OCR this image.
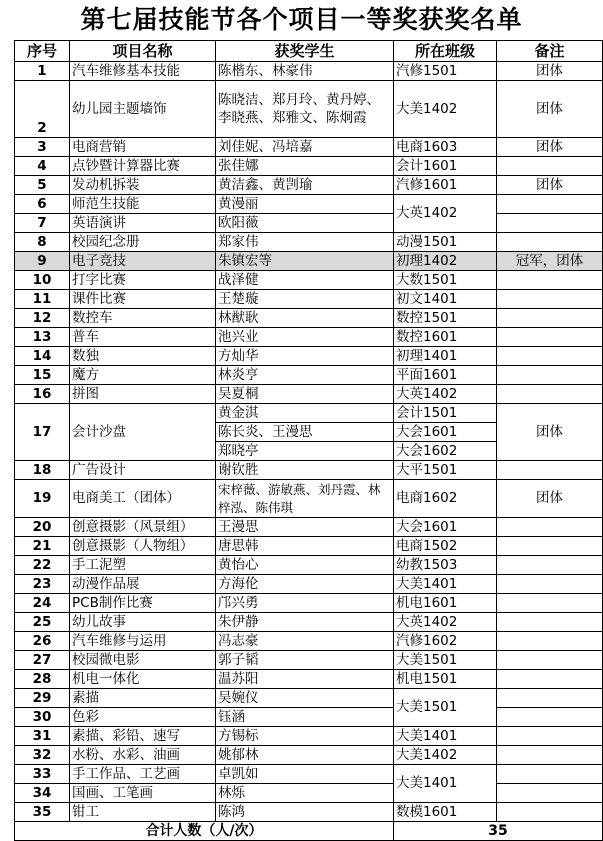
第七届技能节各个项目一等奖获奖名单
序号	项目名称	获奖学生	所在班级	备注
1	汽车维修基本技能	陈楷东、林豪伟	汽修1501	团体
2	幼儿园主题墙饰	陈晓洁、郑月玲、黄丹婷、李晓燕、郑雅文、陈炯霞	大美1402	团体
3	电商营销	刘佳妮、冯培嘉	电商1603	团体
4	点钞暨计算器比赛	张佳娜	会计1601	
5	发动机拆装	黄洁鑫、黄剀瑜	汽修1601	团体
6	师范生技能	黄漫丽	大英1402	
7	英语演讲	欧阳薇		
8	校园纪念册	郑家伟	动漫1501	
9	电子竞技	朱镇宏等	初理1402	冠军，团体
10	打字比赛	战泽健	大数1501	
11	课件比赛	王楚璇	初文1401	
12	数控车	林猷耿	数控1501	
13	普车	池兴业	数控1601	
14	数独	方灿华	初理1401	
15	魔方	林炎亨	平面1601	
16	拼图	吴夏桐	大英1402	
17	会计沙盘	黄金淇	会计1501	团体
		陈长炎、王漫思	大会1601	
		郑晓亭	大会1602	
18	广告设计	谢钦胜	大平1501	
19	电商美工（团体）	宋梓薇、游敏燕、刘丹霞、林梓泓、陈伟琪	电商1602	团体
20	创意摄影（风景组）	王漫思	大会1601	
21	创意摄影（人物组）	唐思韩	电商1502	
22	手工泥塑	黄怡心	幼教1503	
23	动漫作品展	方海伦	大美1401	
24	PCB制作比赛	邝兴勇	机电1601	
25	幼儿故事	朱伊静	大英1402	
26	汽车维修与运用	冯志豪	汽修1602	
27	校园微电影	郭子韬	大美1501	
28	机电一体化	温苏阳	机电1501	
29	素描	吴婉仪	大美1501	
30	色彩	钰涵		
31	素描、彩铅、速写	方锡标	大美1401	
32	水粉、水彩、油画	姚郁林	大美1402	
33	手工作品、工艺画	卓凯如	大美1401	
34	国画、工笔画	林烁		
35	钳工	陈鸿	数模1601	
合计人数（人/次）			35	
